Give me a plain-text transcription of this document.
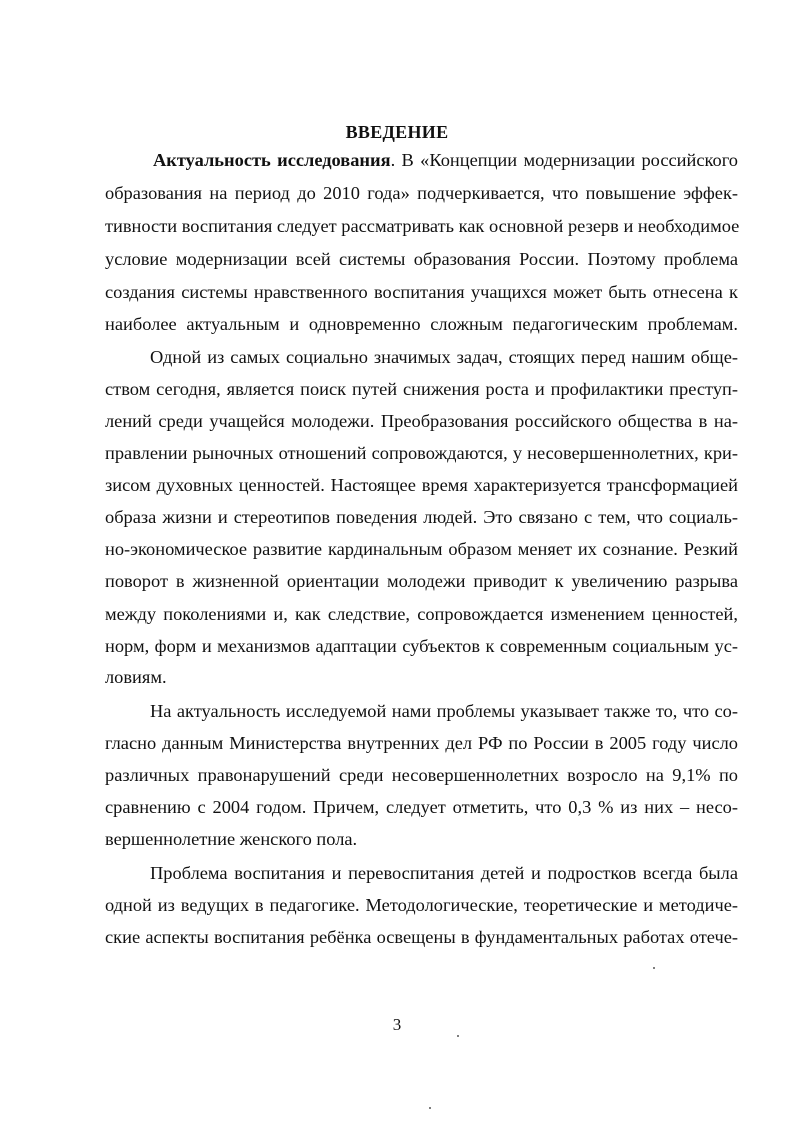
ВВЕДЕНИЕ
Актуальность исследования. В «Концепции модернизации российского
образования на период до 2010 года» подчеркивается, что повышение эффек-
тивности воспитания следует рассматривать как основной резерв и необходимое
условие модернизации всей системы образования России. Поэтому проблема
создания системы нравственного воспитания учащихся может быть отнесена к
наиболее актуальным и одновременно сложным педагогическим проблемам.
Одной из самых социально значимых задач, стоящих перед нашим обще-
ством сегодня, является поиск путей снижения роста и профилактики преступ-
лений среди учащейся молодежи. Преобразования российского общества в на-
правлении рыночных отношений сопровождаются, у несовершеннолетних, кри-
зисом духовных ценностей. Настоящее время характеризуется трансформацией
образа жизни и стереотипов поведения людей. Это связано с тем, что социаль-
но-экономическое развитие кардинальным образом меняет их сознание. Резкий
поворот в жизненной ориентации молодежи приводит к увеличению разрыва
между поколениями и, как следствие, сопровождается изменением ценностей,
норм, форм и механизмов адаптации субъектов к современным социальным ус-
ловиям.
На актуальность исследуемой нами проблемы указывает также то, что со-
гласно данным Министерства внутренних дел РФ по России в 2005 году число
различных правонарушений среди несовершеннолетних возросло на 9,1% по
сравнению с 2004 годом. Причем, следует отметить, что 0,3 % из них – несо-
вершеннолетние женского пола.
Проблема воспитания и перевоспитания детей и подростков всегда была
одной из ведущих в педагогике. Методологические, теоретические и методиче-
ские аспекты воспитания ребёнка освещены в фундаментальных работах отече-
3
